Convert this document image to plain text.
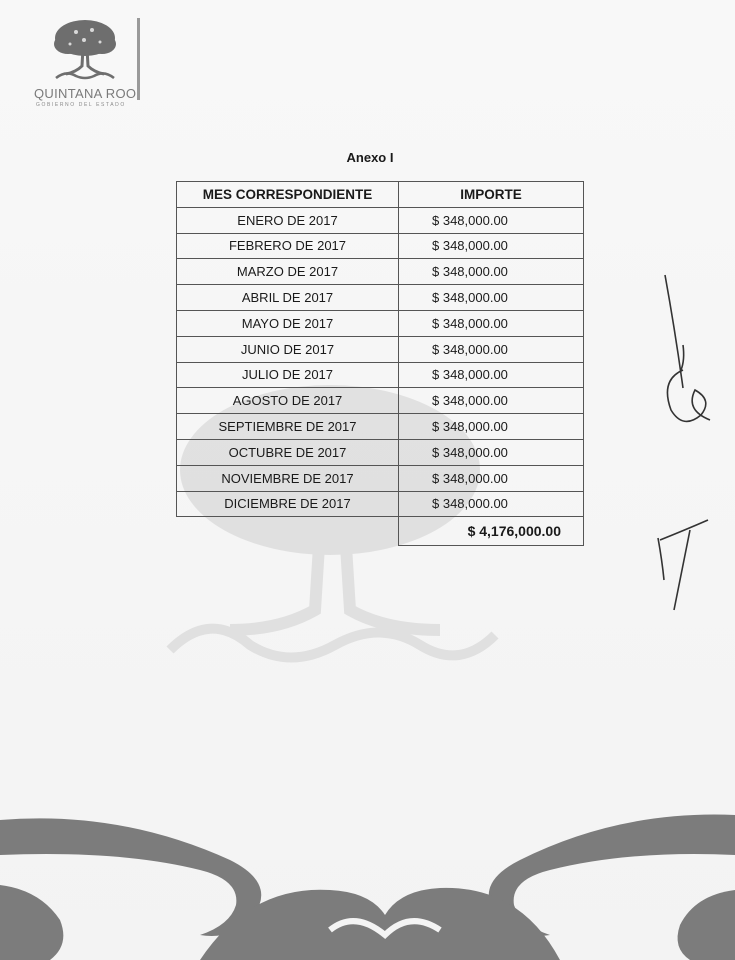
QUINTANA ROO
GOBIERNO DEL ESTADO
Anexo I
MES CORRESPONDIENTE	IMPORTE
ENERO DE 2017	$ 348,000.00
FEBRERO DE 2017	$ 348,000.00
MARZO DE 2017	$ 348,000.00
ABRIL DE 2017	$ 348,000.00
MAYO DE 2017	$ 348,000.00
JUNIO DE 2017	$ 348,000.00
JULIO DE 2017	$ 348,000.00
AGOSTO DE 2017	$ 348,000.00
SEPTIEMBRE DE 2017	$ 348,000.00
OCTUBRE DE 2017	$ 348,000.00
NOVIEMBRE DE 2017	$ 348,000.00
DICIEMBRE DE 2017	$ 348,000.00
	$ 4,176,000.00
